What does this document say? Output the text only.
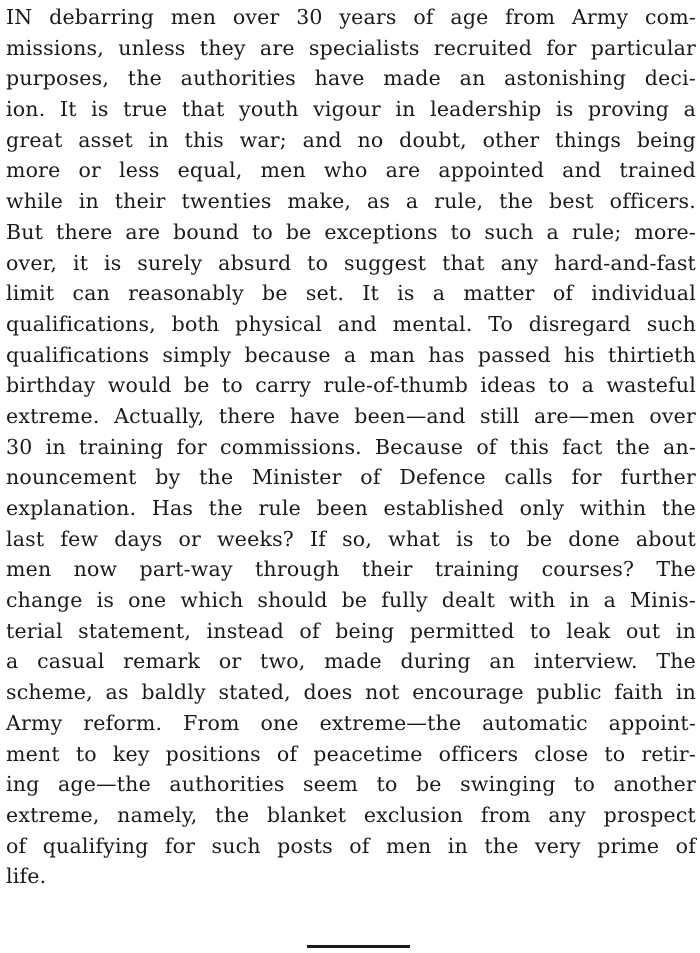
IN debarring men over 30 years of age from Army com-
missions, unless they are specialists recruited for particular
purposes, the authorities have made an astonishing deci-
ion. It is true that youth vigour in leadership is proving a
great asset in this war; and no doubt, other things being
more or less equal, men who are appointed and trained
while in their twenties make, as a rule, the best officers.
But there are bound to be exceptions to such a rule; more-
over, it is surely absurd to suggest that any hard-and-fast
limit can reasonably be set. It is a matter of individual
qualifications, both physical and mental. To disregard such
qualifications simply because a man has passed his thirtieth
birthday would be to carry rule-of-thumb ideas to a wasteful
extreme. Actually, there have been—and still are—men over
30 in training for commissions. Because of this fact the an-
nouncement by the Minister of Defence calls for further
explanation. Has the rule been established only within the
last few days or weeks? If so, what is to be done about
men now part-way through their training courses? The
change is one which should be fully dealt with in a Minis-
terial statement, instead of being permitted to leak out in
a casual remark or two, made during an interview. The
scheme, as baldly stated, does not encourage public faith in
Army reform. From one extreme—the automatic appoint-
ment to key positions of peacetime officers close to retir-
ing age—the authorities seem to be swinging to another
extreme, namely, the blanket exclusion from any prospect
of qualifying for such posts of men in the very prime of
life.
